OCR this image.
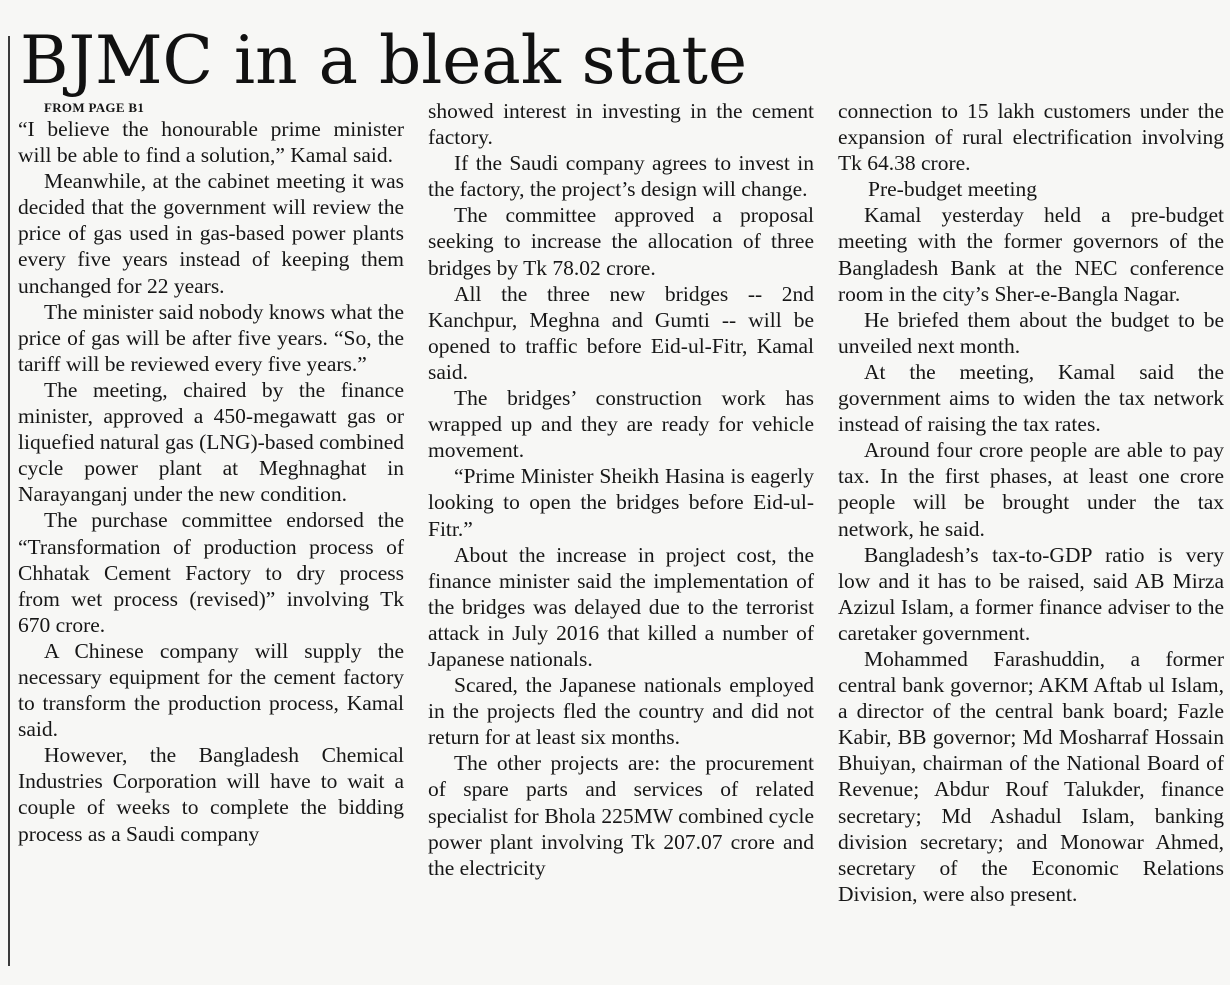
BJMC in a bleak state

FROM PAGE B1

“I believe the honourable prime minister will be able to find a solution,” Kamal said.

Meanwhile, at the cabinet meeting it was decided that the government will review the price of gas used in gas-based power plants every five years instead of keeping them unchanged for 22 years.

The minister said nobody knows what the price of gas will be after five years. “So, the tariff will be reviewed every five years.”

The meeting, chaired by the finance minister, approved a 450-megawatt gas or liquefied natural gas (LNG)-based combined cycle power plant at Meghnaghat in Narayanganj under the new condition.

The purchase committee endorsed the “Transformation of production process of Chhatak Cement Factory to dry process from wet process (revised)” involving Tk 670 crore.

A Chinese company will supply the necessary equipment for the cement factory to transform the production process, Kamal said.

However, the Bangladesh Chemical Industries Corporation will have to wait a couple of weeks to complete the bidding process as a Saudi company

showed interest in investing in the cement factory.

If the Saudi company agrees to invest in the factory, the project’s design will change.

The committee approved a proposal seeking to increase the allocation of three bridges by Tk 78.02 crore.

All the three new bridges -- 2nd Kanchpur, Meghna and Gumti -- will be opened to traffic before Eid-ul-Fitr, Kamal said.

The bridges’ construction work has wrapped up and they are ready for vehicle movement.

“Prime Minister Sheikh Hasina is eagerly looking to open the bridges before Eid-ul-Fitr.”

About the increase in project cost, the finance minister said the implementation of the bridges was delayed due to the terrorist attack in July 2016 that killed a number of Japanese nationals.

Scared, the Japanese nationals employed in the projects fled the country and did not return for at least six months.

The other projects are: the procurement of spare parts and services of related specialist for Bhola 225MW combined cycle power plant involving Tk 207.07 crore and the electricity

connection to 15 lakh customers under the expansion of rural electrification involving Tk 64.38 crore.

Pre-budget meeting

Kamal yesterday held a pre-budget meeting with the former governors of the Bangladesh Bank at the NEC conference room in the city’s Sher-e-Bangla Nagar.

He briefed them about the budget to be unveiled next month.

At the meeting, Kamal said the government aims to widen the tax network instead of raising the tax rates.

Around four crore people are able to pay tax. In the first phases, at least one crore people will be brought under the tax network, he said.

Bangladesh’s tax-to-GDP ratio is very low and it has to be raised, said AB Mirza Azizul Islam, a former finance adviser to the caretaker government.

Mohammed Farashuddin, a former central bank governor; AKM Aftab ul Islam, a director of the central bank board; Fazle Kabir, BB governor; Md Mosharraf Hossain Bhuiyan, chairman of the National Board of Revenue; Abdur Rouf Talukder, finance secretary; Md Ashadul Islam, banking division secretary; and Monowar Ahmed, secretary of the Economic Relations Division, were also present.
